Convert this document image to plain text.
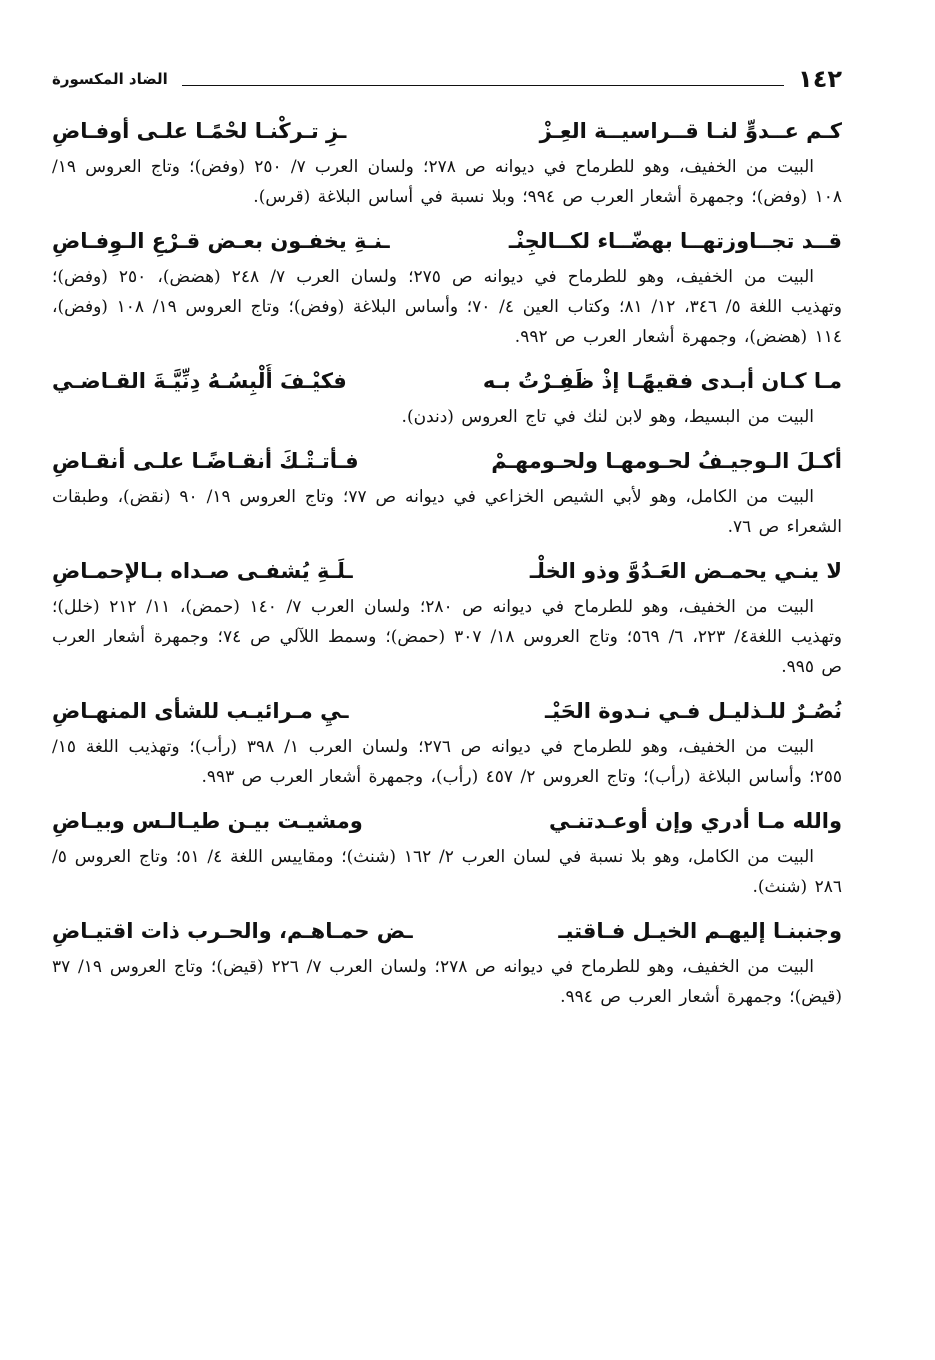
١٤٢
الضاد المكسورة
كـم عــدوٍّ لنـا قــراسيــة العِـزْ
ـزِ تـركْنـا لحْمًـا علـى أوفـاضِ
البيت من الخفيف، وهو للطرماح في ديوانه ص ٢٧٨؛ ولسان العرب ٧/ ٢٥٠ (وفض)؛ وتاج العروس ١٩/ ١٠٨ (وفض)؛ وجمهرة أشعار العرب ص ٩٩٤؛ وبلا نسبة في أساس البلاغة (قرس).
قــد تجــاوزتهــا بهضّــاء لكــالجِنْـ
ـنـةِ يخفـون بعـض قـرْعِ الـوِفـاضِ
البيت من الخفيف، وهو للطرماح في ديوانه ص ٢٧٥؛ ولسان العرب ٧/ ٢٤٨ (هضض)، ٢٥٠ (وفض)؛ وتهذيب اللغة ٥/ ٣٤٦، ١٢/ ٨١؛ وكتاب العين ٤/ ٧٠؛ وأساس البلاغة (وفض)؛ وتاج العروس ١٩/ ١٠٨ (وفض)، ١١٤ (هضض)، وجمهرة أشعار العرب ص ٩٩٢.
مـا كـان أبـدى فقيهًـا إذْ ظَفِـرْتُ بـه
فكيْـفَ أُلْبِسُـهُ دِنِّيَّـةَ القـاضـي
البيت من البسيط، وهو لابن لنك في تاج العروس (دندن).
أكـلَ الـوجيـفُ لحـومهـا ولحـومهـمْ
فـأتـتْـكَ أنقـاضًـا علـى أنقـاضِ
البيت من الكامل، وهو لأبي الشيص الخزاعي في ديوانه ص ٧٧؛ وتاج العروس ١٩/ ٩٠ (نقض)، وطبقات الشعراء ص ٧٦.
لا ينـي يحمـض العَـدُوَّ وذو الخلْـ
ـلَـةِ يُشفـى صـداه بـالإحمـاضِ
البيت من الخفيف، وهو للطرماح في ديوانه ص ٢٨٠؛ ولسان العرب ٧/ ١٤٠ (حمض)، ١١/ ٢١٢ (خلل)؛ وتهذيب اللغة٤/ ٢٢٣، ٦/ ٥٦٩؛ وتاج العروس ١٨/ ٣٠٧ (حمض)؛ وسمط اللآلي ص ٧٤؛ وجمهرة أشعار العرب ص ٩٩٥.
نُصُـرٌ للـذليـل فـي نـدوة الحَيْـ
ـيِ مـرائيـب للشأى المنهـاضِ
البيت من الخفيف، وهو للطرماح في ديوانه ص ٢٧٦؛ ولسان العرب ١/ ٣٩٨ (رأب)؛ وتهذيب اللغة ١٥/ ٢٥٥؛ وأساس البلاغة (رأب)؛ وتاج العروس ٢/ ٤٥٧ (رأب)، وجمهرة أشعار العرب ص ٩٩٣.
والله مـا أدري وإن أوعـدتنـي
ومشيـت بيـن طيـالـس وبيـاضِ
البيت من الكامل، وهو بلا نسبة في لسان العرب ٢/ ١٦٢ (شنث)؛ ومقاييس اللغة ٤/ ٥١؛ وتاج العروس ٥/ ٢٨٦ (شنث).
وجنبنـا إليهـم الخيـل فـاقتيـ
ـض حمـاهـم، والحـرب ذات اقتيـاضِ
البيت من الخفيف، وهو للطرماح في ديوانه ص ٢٧٨؛ ولسان العرب ٧/ ٢٢٦ (قيض)؛ وتاج العروس ١٩/ ٣٧ (قيض)؛ وجمهرة أشعار العرب ص ٩٩٤.
